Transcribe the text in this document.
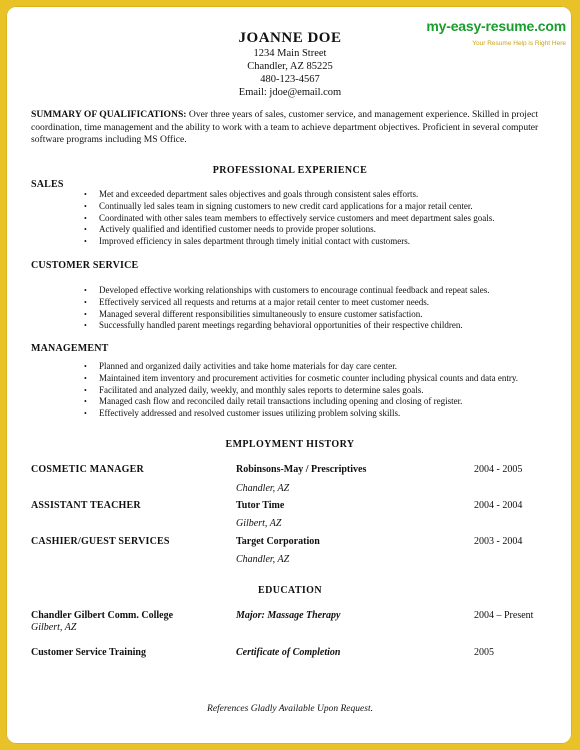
my-easy-resume.com
Your Resume Help is Right Here
JOANNE DOE
1234 Main Street
Chandler, AZ 85225
480-123-4567
Email: jdoe@email.com
SUMMARY OF QUALIFICATIONS: Over three years of sales, customer service, and management experience. Skilled in project coordination, time management and the ability to work with a team to achieve department objectives. Proficient in several computer software programs including MS Office.
PROFESSIONAL EXPERIENCE
SALES
• Met and exceeded department sales objectives and goals through consistent sales efforts.
• Continually led sales team in signing customers to new credit card applications for a major retail center.
• Coordinated with other sales team members to effectively service customers and meet department sales goals.
• Actively qualified and identified customer needs to provide proper solutions.
• Improved efficiency in sales department through timely initial contact with customers.
CUSTOMER SERVICE
• Developed effective working relationships with customers to encourage continual feedback and repeat sales.
• Effectively serviced all requests and returns at a major retail center to meet customer needs.
• Managed several different responsibilities simultaneously to ensure customer satisfaction.
• Successfully handled parent meetings regarding behavioral opportunities of their respective children.
MANAGEMENT
• Planned and organized daily activities and take home materials for day care center.
• Maintained item inventory and procurement activities for cosmetic counter including physical counts and data entry.
• Facilitated and analyzed daily, weekly, and monthly sales reports to determine sales goals.
• Managed cash flow and reconciled daily retail transactions including opening and closing of register.
• Effectively addressed and resolved customer issues utilizing problem solving skills.
EMPLOYMENT HISTORY
COSMETIC MANAGER	Robinsons-May / Prescriptives	2004 - 2005
Chandler, AZ
ASSISTANT TEACHER	Tutor Time	2004 - 2004
Gilbert, AZ
CASHIER/GUEST SERVICES	Target Corporation	2003 - 2004
Chandler, AZ
EDUCATION
Chandler Gilbert Comm. College	Major: Massage Therapy	2004 – Present
Gilbert, AZ
Customer Service Training	Certificate of Completion	2005
References Gladly Available Upon Request.
